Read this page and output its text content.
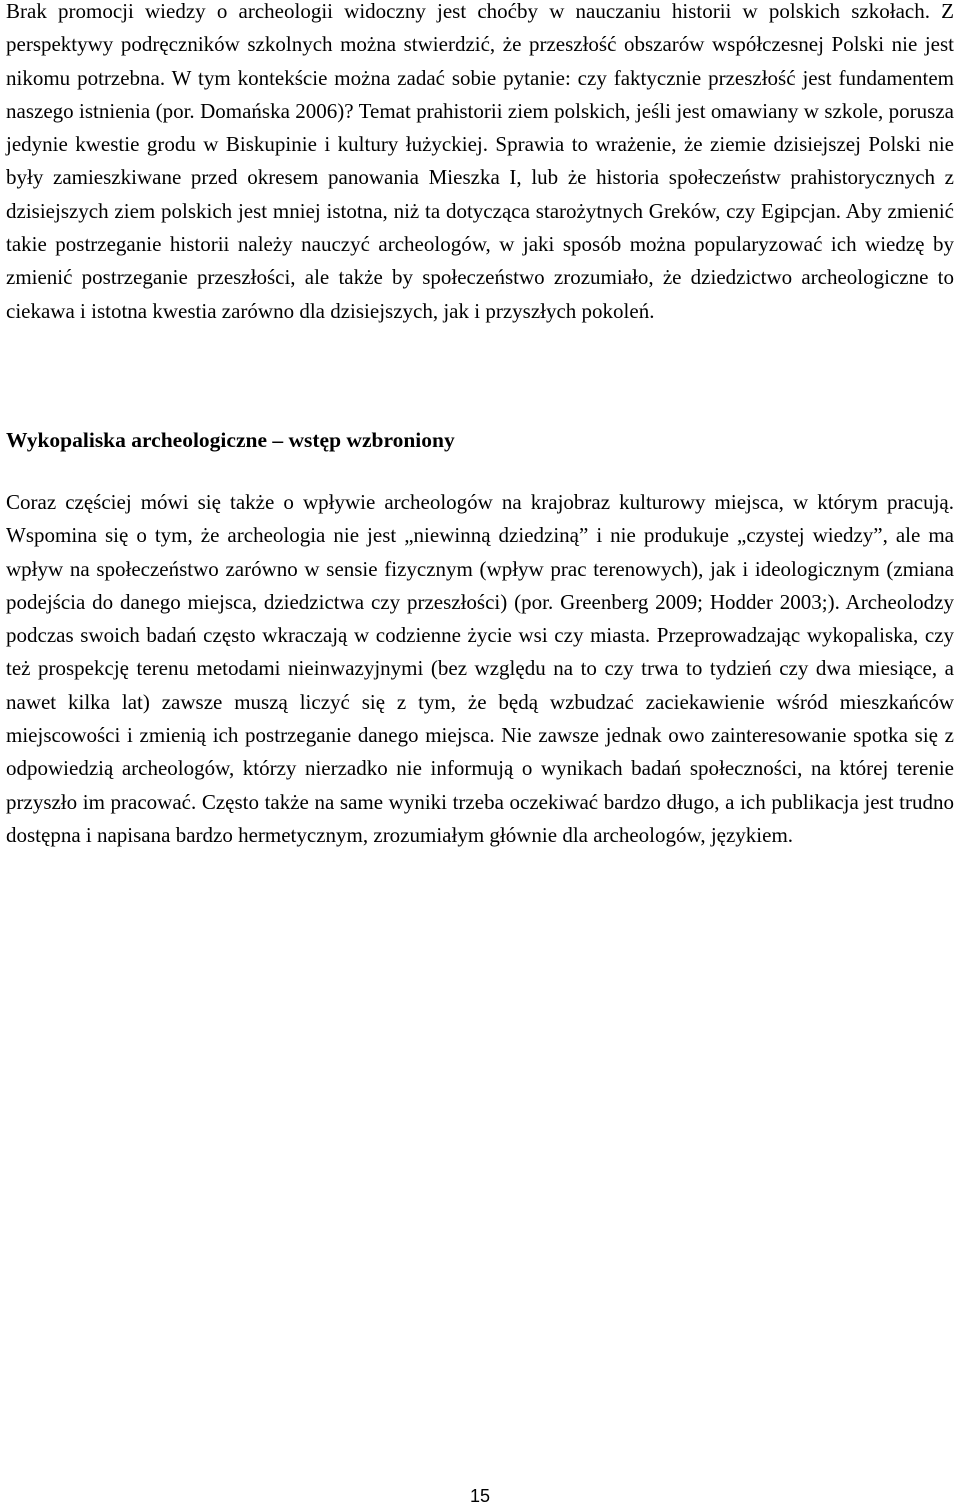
Brak promocji wiedzy o archeologii widoczny jest choćby w nauczaniu historii w polskich szkołach. Z perspektywy podręczników szkolnych można stwierdzić, że przeszłość obszarów współczesnej Polski nie jest nikomu potrzebna. W tym kontekście można zadać sobie pytanie: czy faktycznie przeszłość jest fundamentem naszego istnienia (por. Domańska 2006)? Temat prahistorii ziem polskich, jeśli jest omawiany w szkole, porusza jedynie kwestie grodu w Biskupinie i kultury łużyckiej. Sprawia to wrażenie, że ziemie dzisiejszej Polski nie były zamieszkiwane przed okresem panowania Mieszka I, lub że historia społeczeństw prahistorycznych z dzisiejszych ziem polskich jest mniej istotna, niż ta dotycząca starożytnych Greków, czy Egipcjan. Aby zmienić takie postrzeganie historii należy nauczyć archeologów, w jaki sposób można popularyzować ich wiedzę by zmienić postrzeganie przeszłości, ale także by społeczeństwo zrozumiało, że dziedzictwo archeologiczne to ciekawa i istotna kwestia zarówno dla dzisiejszych, jak i przyszłych pokoleń.

Wykopaliska archeologiczne – wstęp wzbroniony

Coraz częściej mówi się także o wpływie archeologów na krajobraz kulturowy miejsca, w którym pracują. Wspomina się o tym, że archeologia nie jest „niewinną dziedziną” i nie produkuje „czystej wiedzy”, ale ma wpływ na społeczeństwo zarówno w sensie fizycznym (wpływ prac terenowych), jak i ideologicznym (zmiana podejścia do danego miejsca, dziedzictwa czy przeszłości) (por. Greenberg 2009; Hodder 2003;). Archeolodzy podczas swoich badań często wkraczają w codzienne życie wsi czy miasta. Przeprowadzając wykopaliska, czy też prospekcję terenu metodami nieinwazyjnymi (bez względu na to czy trwa to tydzień czy dwa miesiące, a nawet kilka lat) zawsze muszą liczyć się z tym, że będą wzbudzać zaciekawienie wśród mieszkańców miejscowości i zmienią ich postrzeganie danego miejsca. Nie zawsze jednak owo zainteresowanie spotka się z odpowiedzią archeologów, którzy nierzadko nie informują o wynikach badań społeczności, na której terenie przyszło im pracować. Często także na same wyniki trzeba oczekiwać bardzo długo, a ich publikacja jest trudno dostępna i napisana bardzo hermetycznym, zrozumiałym głównie dla archeologów, językiem.

15
